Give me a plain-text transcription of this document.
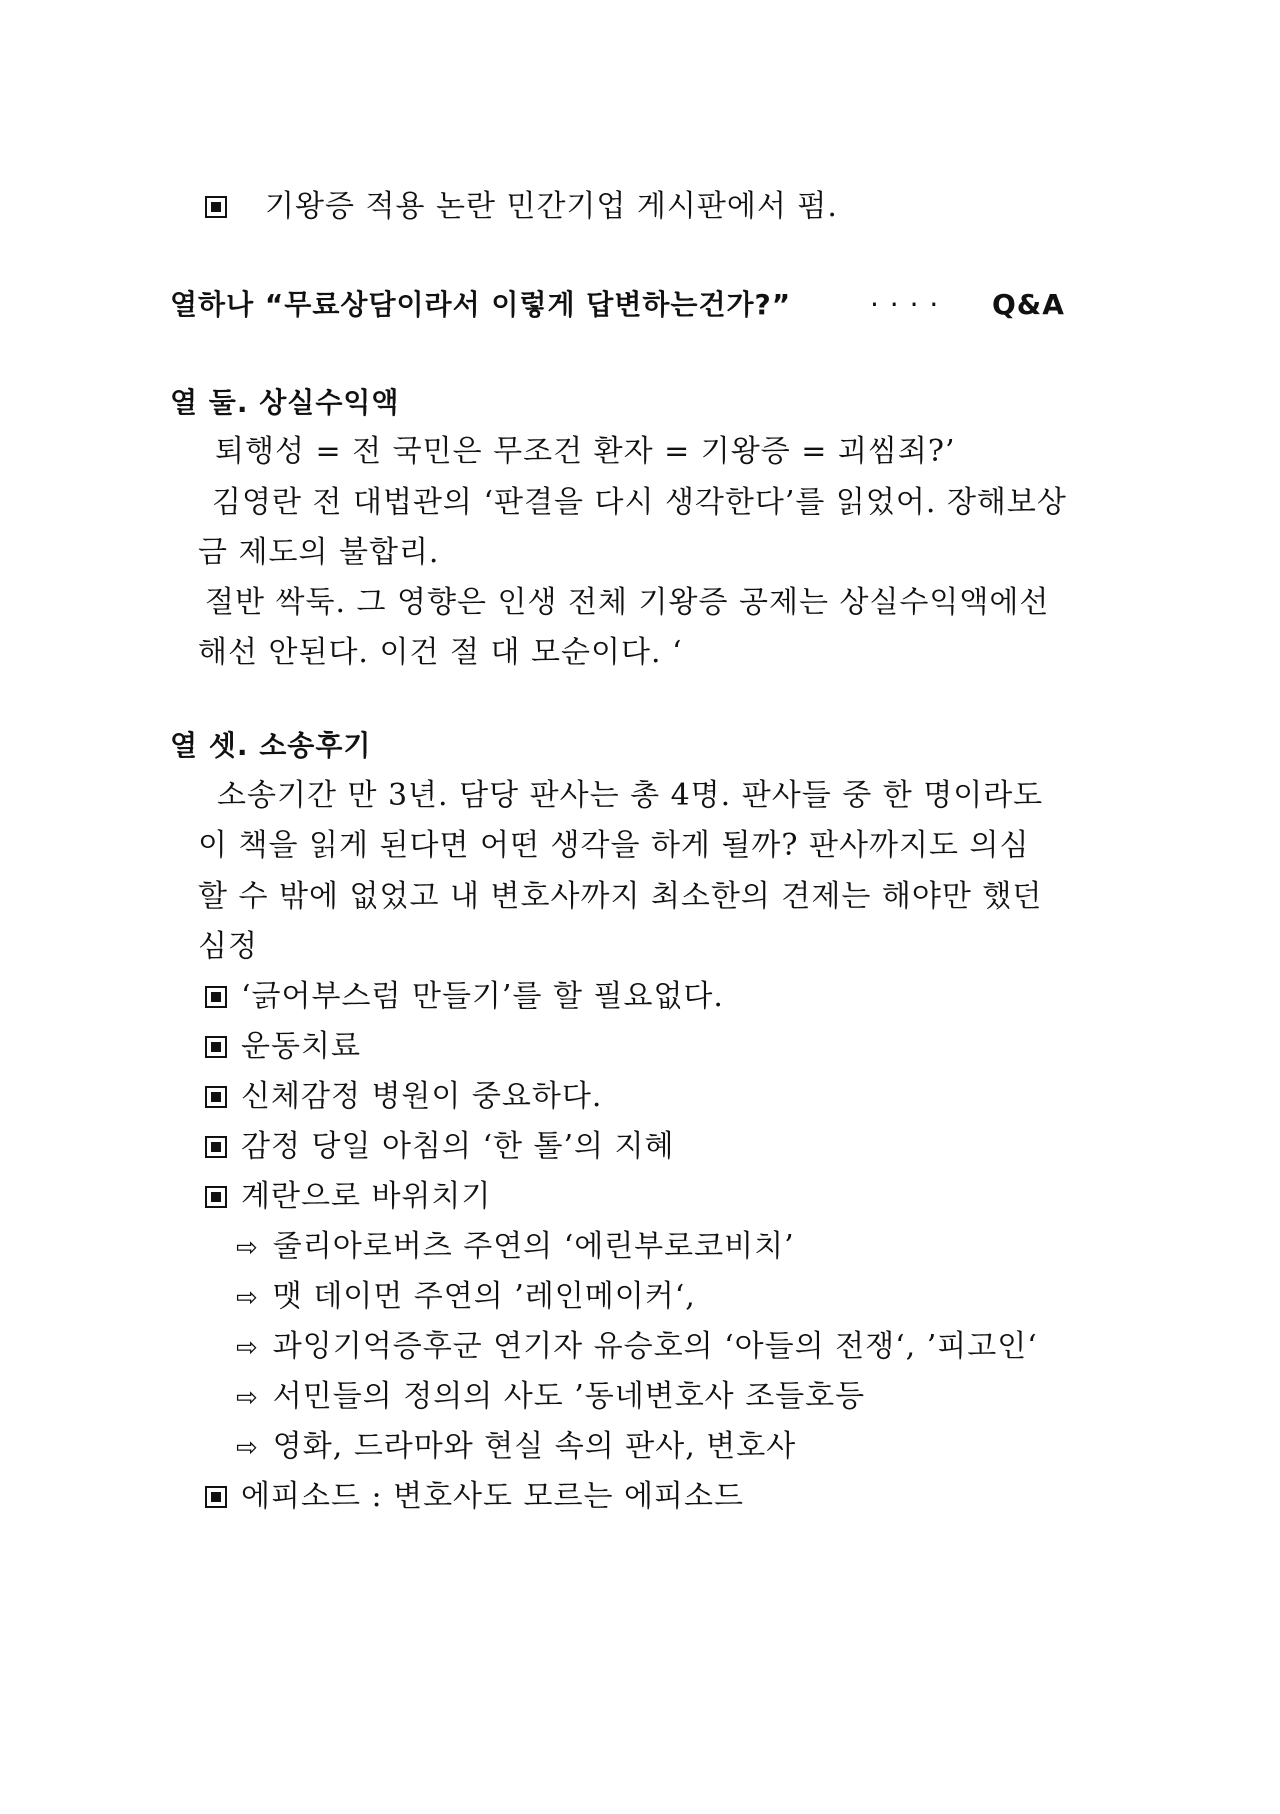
기왕증 적용 논란 민간기업 게시판에서 펌.
열하나 “무료상담이라서 이렇게 답변하는건가?”	· · · · Q&A
열 둘. 상실수익액
퇴행성 = 전 국민은 무조건 환자 = 기왕증 = 괴씸죄?’
김영란 전 대법관의 ‘판결을 다시 생각한다’를 읽었어. 장해보상
금 제도의 불합리.
절반 싹둑. 그 영향은 인생 전체 기왕증 공제는 상실수익액에선
해선 안된다. 이건 절 대 모순이다. ‘
열 셋. 소송후기
소송기간 만 3년. 담당 판사는 총 4명. 판사들 중 한 명이라도
이 책을 읽게 된다면 어떤 생각을 하게 될까? 판사까지도 의심
할 수 밖에 없었고 내 변호사까지 최소한의 견제는 해야만 했던
심정
‘긁어부스럼 만들기’를 할 필요없다.
운동치료
신체감정 병원이 중요하다.
감정 당일 아침의 ‘한 톨’의 지혜
계란으로 바위치기
⇨ 줄리아로버츠 주연의 ‘에린부로코비치’
⇨ 맷 데이먼 주연의 ’레인메이커‘,
⇨ 과잉기억증후군 연기자 유승호의 ‘아들의 전쟁‘, ’피고인‘
⇨ 서민들의 정의의 사도 ’동네변호사 조들호등
⇨ 영화, 드라마와 현실 속의 판사, 변호사
에피소드 : 변호사도 모르는 에피소드
